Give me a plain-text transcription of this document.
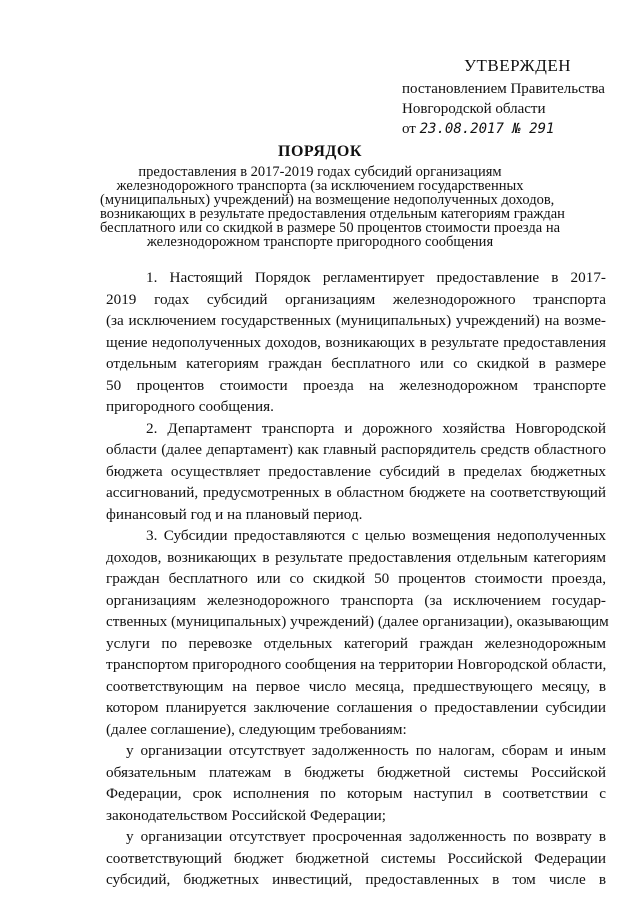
УТВЕРЖДЕН
постановлением Правительства
Новгородской области
от 23.08.2017 № 291
ПОРЯДОК
предоставления в 2017-2019 годах субсидий организациям
железнодорожного транспорта (за исключением государственных
(муниципальных) учреждений) на возмещение недополученных доходов,
возникающих в результате предоставления отдельным категориям граждан
бесплатного или со скидкой в размере 50 процентов стоимости проезда на
железнодорожном транспорте пригородного сообщения
1. Настоящий Порядок регламентирует предоставление в 2017-
2019 годах субсидий организациям железнодорожного транспорта
(за исключением государственных (муниципальных) учреждений) на возме-
щение недополученных доходов, возникающих в результате предоставления
отдельным категориям граждан бесплатного или со скидкой в размере
50 процентов стоимости проезда на железнодорожном транспорте
пригородного сообщения.
2. Департамент транспорта и дорожного хозяйства Новгородской
области (далее департамент) как главный распорядитель средств областного
бюджета осуществляет предоставление субсидий в пределах бюджетных
ассигнований, предусмотренных в областном бюджете на соответствующий
финансовый год и на плановый период.
3. Субсидии предоставляются с целью возмещения недополученных
доходов, возникающих в результате предоставления отдельным категориям
граждан бесплатного или со скидкой 50 процентов стоимости проезда,
организациям железнодорожного транспорта (за исключением государ-
ственных (муниципальных) учреждений) (далее организации), оказывающим
услуги по перевозке отдельных категорий граждан железнодорожным
транспортом пригородного сообщения на территории Новгородской области,
соответствующим на первое число месяца, предшествующего месяцу, в
котором планируется заключение соглашения о предоставлении субсидии
(далее соглашение), следующим требованиям:
у организации отсутствует задолженность по налогам, сборам и иным
обязательным платежам в бюджеты бюджетной системы Российской
Федерации, срок исполнения по которым наступил в соответствии с
законодательством Российской Федерации;
у организации отсутствует просроченная задолженность по возврату в
соответствующий бюджет бюджетной системы Российской Федерации
субсидий, бюджетных инвестиций, предоставленных в том числе в
